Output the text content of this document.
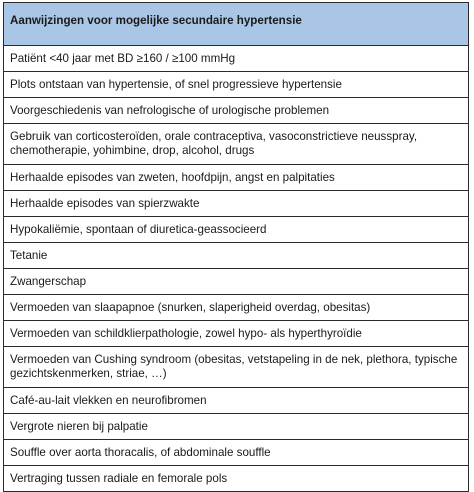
Aanwijzingen voor mogelijke secundaire hypertensie
Patiënt <40 jaar met BD ≥160 / ≥100 mmHg
Plots ontstaan van hypertensie, of snel progressieve hypertensie
Voorgeschiedenis van nefrologische of urologische problemen
Gebruik van corticosteroïden, orale contraceptiva, vasoconstrictieve neusspray, chemotherapie, yohimbine, drop, alcohol, drugs
Herhaalde episodes van zweten, hoofdpijn, angst en palpitaties
Herhaalde episodes van spierzwakte
Hypokaliëmie, spontaan of diuretica-geassocieerd
Tetanie
Zwangerschap
Vermoeden van slaapapnoe (snurken, slaperigheid overdag, obesitas)
Vermoeden van schildklierpathologie, zowel hypo- als hyperthyroïdie
Vermoeden van Cushing syndroom (obesitas, vetstapeling in de nek, plethora, typische gezichtskenmerken, striae, …)
Café-au-lait vlekken en neurofibromen
Vergrote nieren bij palpatie
Souffle over aorta thoracalis, of abdominale souffle
Vertraging tussen radiale en femorale pols
